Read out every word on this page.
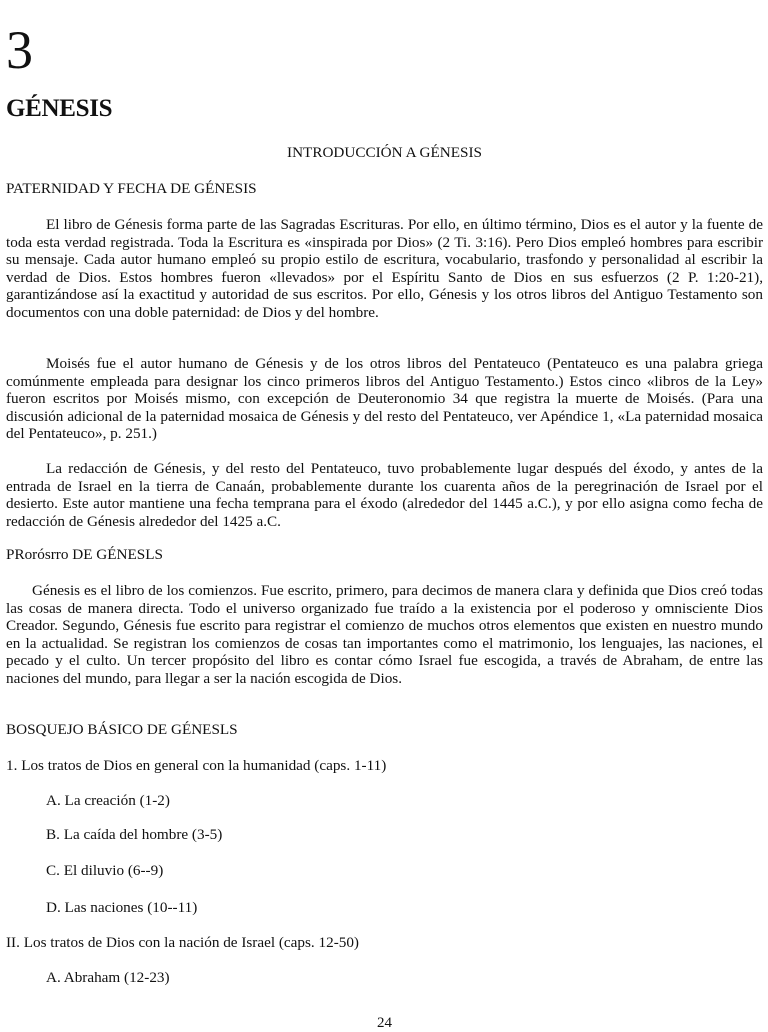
3
GÉNESIS
INTRODUCCIÓN A GÉNESIS
PATERNIDAD Y FECHA DE GÉNESIS
El libro de Génesis forma parte de las Sagradas Escrituras. Por ello, en último término, Dios es el autor y la fuente de toda esta verdad registrada. Toda la Escritura es «inspirada por Dios» (2 Ti. 3:16). Pero Dios empleó hombres para escribir su mensaje. Cada autor humano empleó su propio estilo de escritura, vocabulario, trasfondo y personalidad al escribir la verdad de Dios. Estos hombres fueron «llevados» por el Espíritu Santo de Dios en sus esfuerzos (2 P. 1:20-21), garantizándose así la exactitud y autoridad de sus escritos. Por ello, Génesis y los otros libros del Antiguo Testamento son documentos con una doble paternidad: de Dios y del hombre.
Moisés fue el autor humano de Génesis y de los otros libros del Pentateuco (Pentateuco es una palabra griega comúnmente empleada para designar los cinco primeros libros del Antiguo Testamento.) Estos cinco «libros de la Ley» fueron escritos por Moisés mismo, con excepción de Deuteronomio 34 que registra la muerte de Moisés. (Para una discusión adicional de la paternidad mosaica de Génesis y del resto del Pentateuco, ver Apéndice 1, «La paternidad mosaica del Pentateuco», p. 251.)
La redacción de Génesis, y del resto del Pentateuco, tuvo probablemente lugar después del éxodo, y antes de la entrada de Israel en la tierra de Canaán, probablemente durante los cuarenta años de la peregrinación de Israel por el desierto. Este autor mantiene una fecha temprana para el éxodo (alrededor del 1445 a.C.), y por ello asigna como fecha de redacción de Génesis alrededor del 1425 a.C.
PRorósrro DE GÉNESLS
Génesis es el libro de los comienzos. Fue escrito, primero, para decimos de manera clara y definida que Dios creó todas las cosas de manera directa. Todo el universo organizado fue traído a la existencia por el poderoso y omnisciente Dios Creador. Segundo, Génesis fue escrito para registrar el comienzo de muchos otros elementos que existen en nuestro mundo en la actualidad. Se registran los comienzos de cosas tan importantes como el matrimonio, los lenguajes, las naciones, el pecado y el culto. Un tercer propósito del libro es contar cómo Israel fue escogida, a través de Abraham, de entre las naciones del mundo, para llegar a ser la nación escogida de Dios.
BOSQUEJO BÁSICO DE GÉNESLS
1. Los tratos de Dios en general con la humanidad (caps. 1-11)
A. La creación (1-2)
B. La caída del hombre (3-5)
C. El diluvio (6--9)
D. Las naciones (10--11)
II. Los tratos de Dios con la nación de Israel (caps. 12-50)
A. Abraham (12-23)
24
